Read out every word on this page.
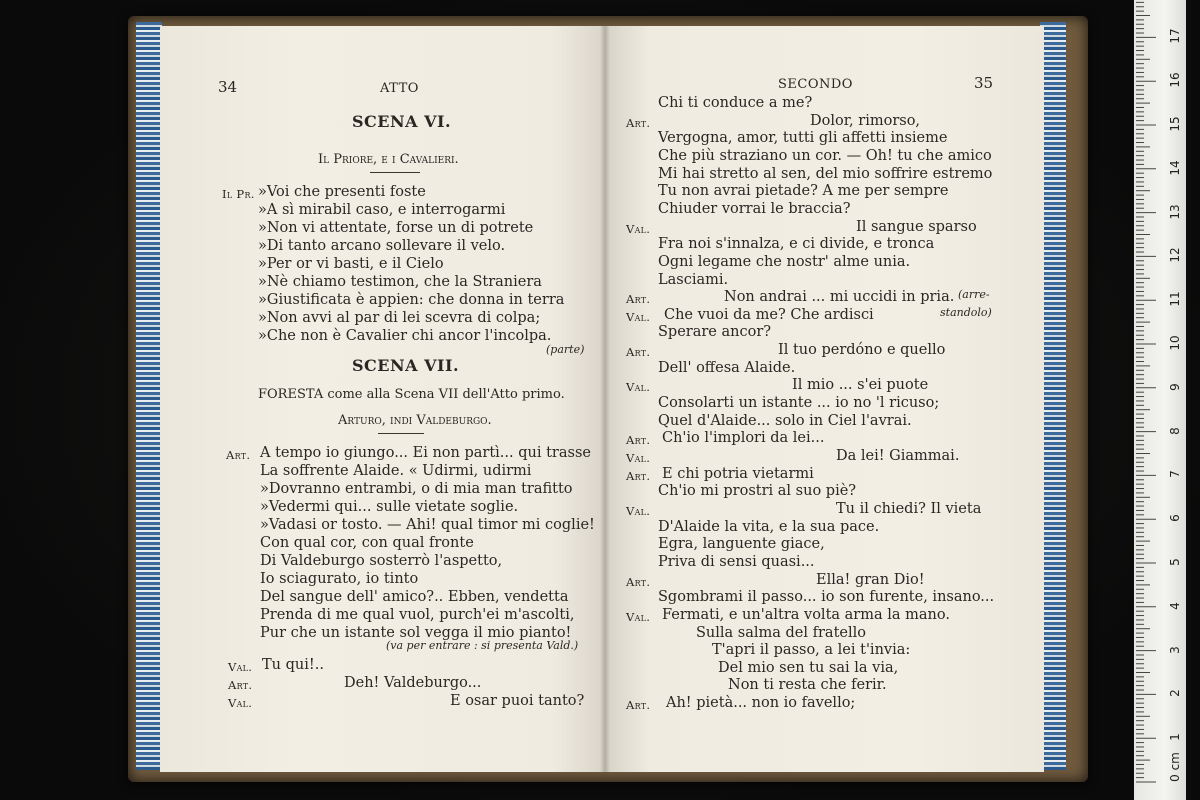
17
16
15
14
13
12
11
10
9
8
7
6
5
4
3
2
1
0 cm
34	ATTO
SCENA VI.
Il Priore, e i Cavalieri.
Il Pr. »Voi che presenti foste
»A sì mirabil caso, e interrogarmi
»Non vi attentate, forse un di potrete
»Di tanto arcano sollevare il velo.
»Per or vi basti, e il Cielo
»Nè chiamo testimon, che la Straniera
»Giustificata è appien: che donna in terra
»Non avvi al par di lei scevra di colpa;
»Che non è Cavalier chi ancor l'incolpa.
(parte)
SCENA VII.
FORESTA come alla Scena VII dell'Atto primo.
Arturo, indi Valdeburgo.
Art. A tempo io giungo... Ei non partì... qui trasse
La soffrente Alaide. « Udirmi, udirmi
»Dovranno entrambi, o di mia man trafitto
»Vedermi qui... sulle vietate soglie.
»Vadasi or tosto. — Ahi! qual timor mi coglie!
Con qual cor, con qual fronte
Di Valdeburgo sosterrò l'aspetto,
Io sciagurato, io tinto
Del sangue dell' amico?.. Ebben, vendetta
Prenda di me qual vuol, purch'ei m'ascolti,
Pur che un istante sol vegga il mio pianto!
(va per entrare : si presenta Vald.)
Val. Tu qui!..
Art.	Deh! Valdeburgo...
Val.	E osar puoi tanto?
SECONDO	35
Chi ti conduce a me?
Art.	Dolor, rimorso,
Vergogna, amor, tutti gli affetti insieme
Che più straziano un cor. — Oh! tu che amico
Mi hai stretto al sen, del mio soffrire estremo
Tu non avrai pietade? A me per sempre
Chiuder vorrai le braccia?
Val.	Il sangue sparso
Fra noi s'innalza, e ci divide, e tronca
Ogni legame che nostr' alme unia.
Lasciami.
Art.	Non andrai ... mi uccidi in pria.
Val. Che vuoi da me? Che ardisci
Sperare ancor?
Art.	Il tuo perdóno e quello
Dell' offesa Alaide.
Val.	Il mio ... s'ei puote
Consolarti un istante ... io no 'l ricuso;
Quel d'Alaide... solo in Ciel l'avrai.
Art. Ch'io l'implori da lei...
Val.	Da lei! Giammai.
Art. E chi potria vietarmi
Ch'io mi prostri al suo piè?
Val.	Tu il chiedi? Il vieta
D'Alaide la vita, e la sua pace.
Egra, languente giace,
Priva di sensi quasi...
Art.	Ella! gran Dio!
Sgombrami il passo... io son furente, insano...
Val. Fermati, e un'altra volta arma la mano.
Sulla salma del fratello
T'apri il passo, a lei t'invia:
Del mio sen tu sai la via,
Non ti resta che ferir.
Art. Ah! pietà... non io favello;
(arre-
standolo)
